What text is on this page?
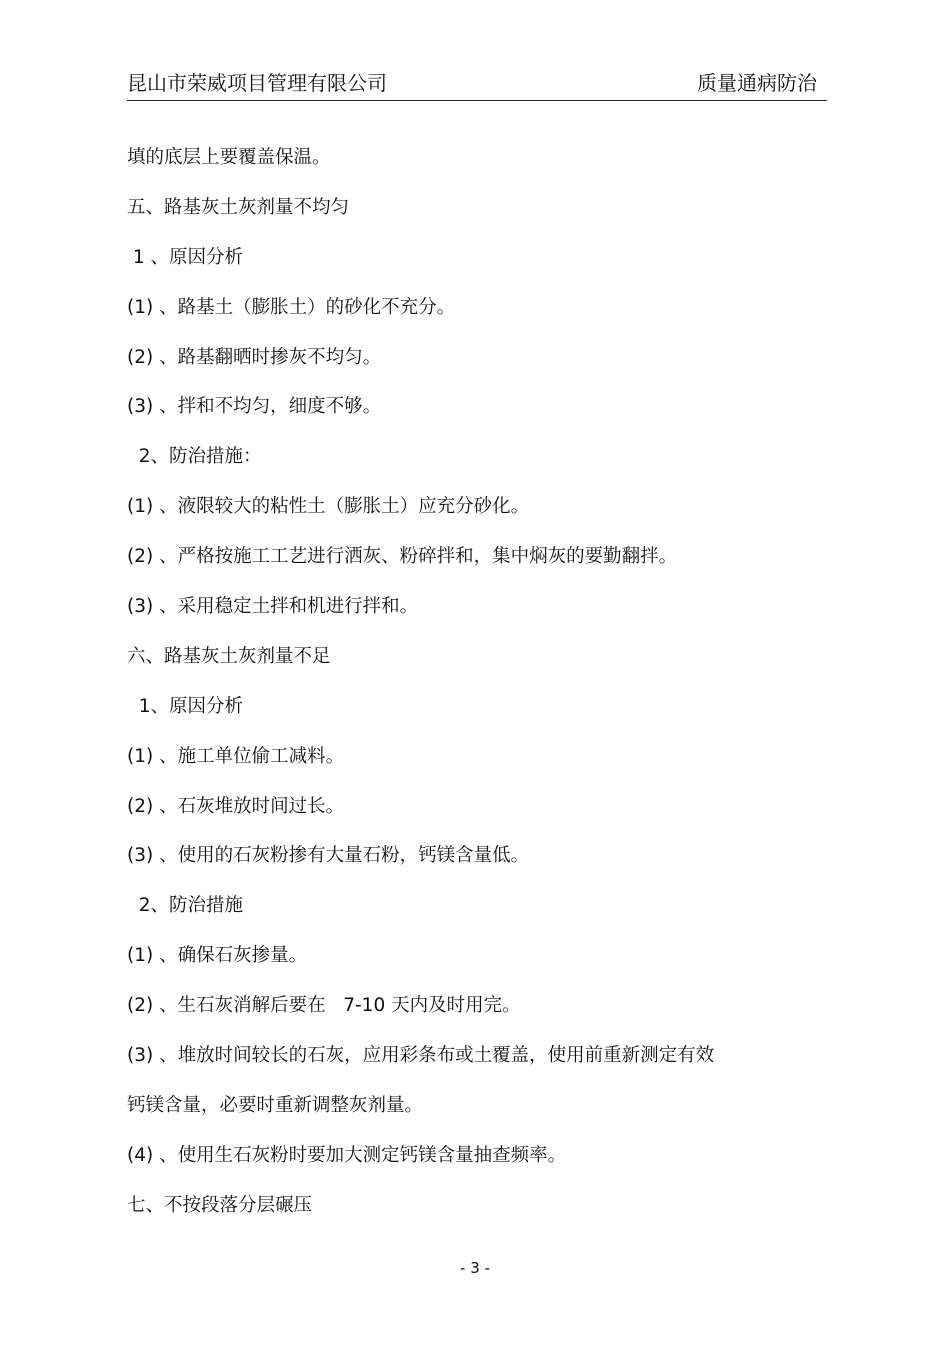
昆山市荣威项目管理有限公司	质量通病防治
填的底层上要覆盖保温。
五、路基灰土灰剂量不均匀
1 、原因分析
(1) 、路基土（膨胀土）的砂化不充分。
(2) 、路基翻晒时掺灰不均匀。
(3) 、拌和不均匀，细度不够。
2、防治措施：
(1) 、液限较大的粘性土（膨胀土）应充分砂化。
(2) 、严格按施工工艺进行洒灰、粉碎拌和，集中焖灰的要勤翻拌。
(3) 、采用稳定土拌和机进行拌和。
六、路基灰土灰剂量不足
1、原因分析
(1) 、施工单位偷工减料。
(2) 、石灰堆放时间过长。
(3) 、使用的石灰粉掺有大量石粉，钙镁含量低。
2、防治措施
(1) 、确保石灰掺量。
(2) 、生石灰消解后要在   7-10 天内及时用完。
(3) 、堆放时间较长的石灰，应用彩条布或土覆盖，使用前重新测定有效
钙镁含量，必要时重新调整灰剂量。
(4) 、使用生石灰粉时要加大测定钙镁含量抽查频率。
七、不按段落分层碾压
- 3 -
